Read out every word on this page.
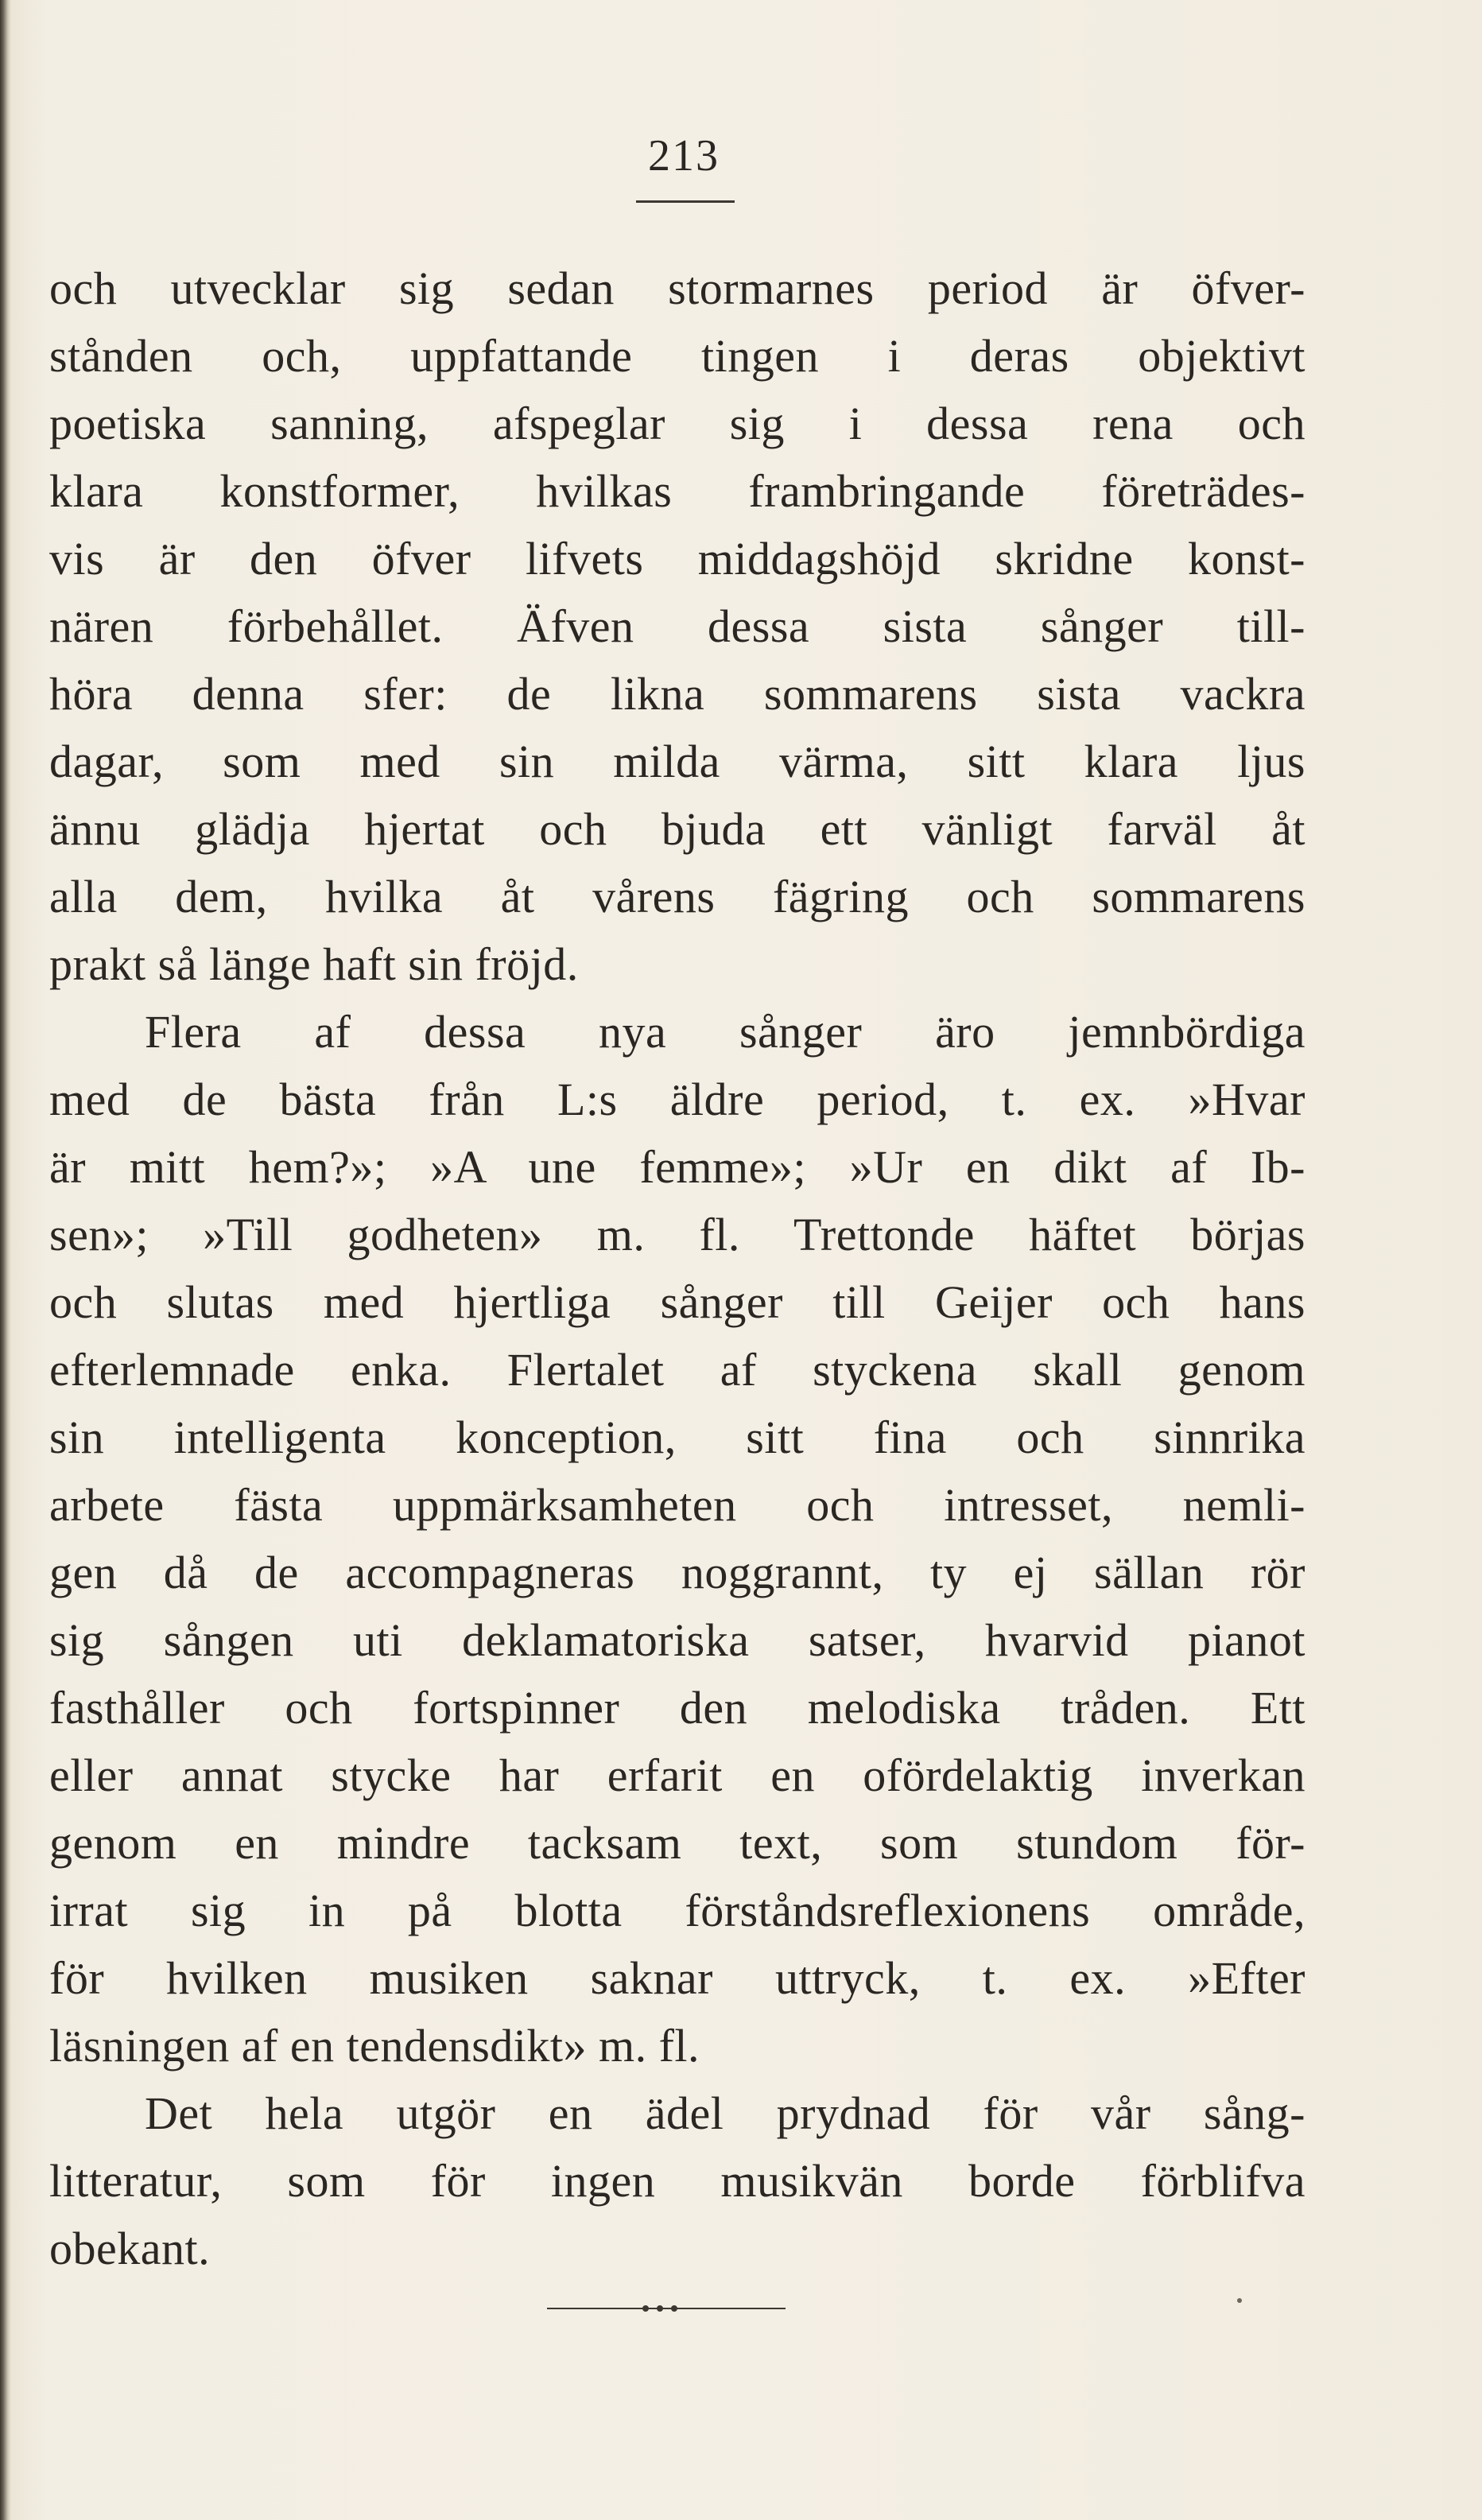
213
och utvecklar sig sedan stormarnes period är öfver-
stånden och, uppfattande tingen i deras objektivt
poetiska sanning, afspeglar sig i dessa rena och
klara konstformer, hvilkas frambringande företrädes-
vis är den öfver lifvets middagshöjd skridne konst-
nären förbehållet. Äfven dessa sista sånger till-
höra denna sfer: de likna sommarens sista vackra
dagar, som med sin milda värma, sitt klara ljus
ännu glädja hjertat och bjuda ett vänligt farväl åt
alla dem, hvilka åt vårens fägring och sommarens
prakt så länge haft sin fröjd.
Flera af dessa nya sånger äro jemnbördiga
med de bästa från L:s äldre period, t. ex. »Hvar
är mitt hem?»; »A une femme»; »Ur en dikt af Ib-
sen»; »Till godheten» m. fl. Trettonde häftet börjas
och slutas med hjertliga sånger till Geijer och hans
efterlemnade enka. Flertalet af styckena skall genom
sin intelligenta konception, sitt fina och sinnrika
arbete fästa uppmärksamheten och intresset, nemli-
gen då de accompagneras noggrannt, ty ej sällan rör
sig sången uti deklamatoriska satser, hvarvid pianot
fasthåller och fortspinner den melodiska tråden. Ett
eller annat stycke har erfarit en ofördelaktig inverkan
genom en mindre tacksam text, som stundom för-
irrat sig in på blotta förståndsreflexionens område,
för hvilken musiken saknar uttryck, t. ex. »Efter
läsningen af en tendensdikt» m. fl.
Det hela utgör en ädel prydnad för vår sång-
litteratur, som för ingen musikvän borde förblifva
obekant.
